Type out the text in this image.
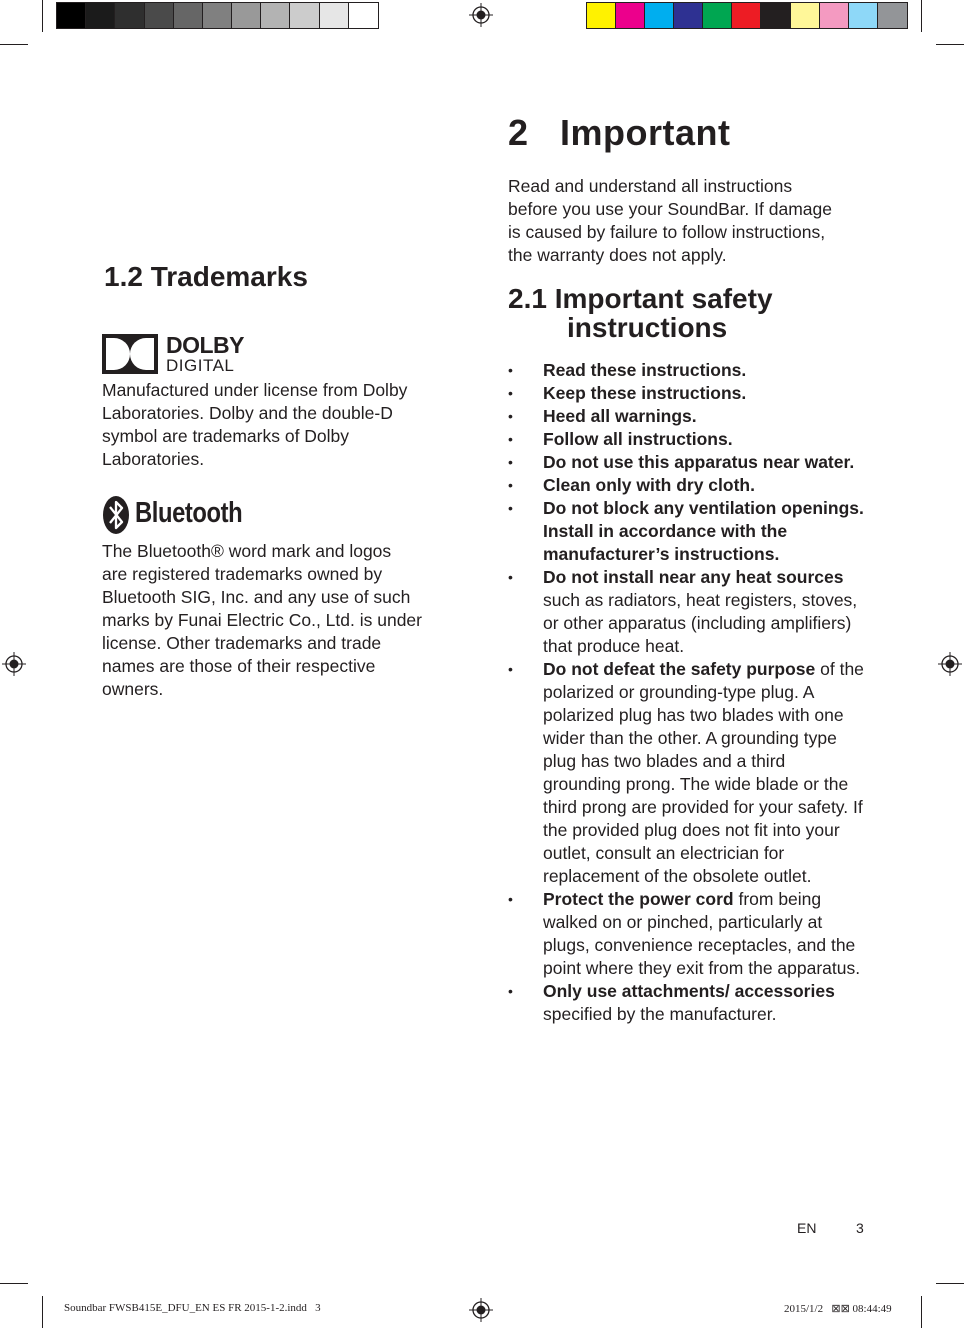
1.2 Trademarks
DOLBY
DIGITAL
Manufactured under license from Dolby
Laboratories. Dolby and the double-D
symbol are trademarks of Dolby
Laboratories.
Bluetooth
The Bluetooth® word mark and logos
are registered trademarks owned by
Bluetooth SIG, Inc. and any use of such
marks by Funai Electric Co., Ltd. is under
license. Other trademarks and trade
names are those of their respective
owners.
2   Important
Read and understand all instructions
before you use your SoundBar. If damage
is caused by failure to follow instructions,
the warranty does not apply.
2.1 Important safety
instructions
• Read these instructions.
• Keep these instructions.
• Heed all warnings.
• Follow all instructions.
• Do not use this apparatus near water.
• Clean only with dry cloth.
• Do not block any ventilation openings. Install in accordance with the manufacturer’s instructions.
• Do not install near any heat sources such as radiators, heat registers, stoves, or other apparatus (including amplifiers) that produce heat.
• Do not defeat the safety purpose of the polarized or grounding-type plug. A polarized plug has two blades with one wider than the other. A grounding type plug has two blades and a third grounding prong. The wide blade or the third prong are provided for your safety. If the provided plug does not fit into your outlet, consult an electrician for replacement of the obsolete outlet.
• Protect the power cord from being walked on or pinched, particularly at plugs, convenience receptacles, and the point where they exit from the apparatus.
• Only use attachments/ accessories specified by the manufacturer.
EN	3
Soundbar FWSB415E_DFU_EN ES FR 2015-1-2.indd   3	2015/1/2   ⊠⊠ 08:44:49
